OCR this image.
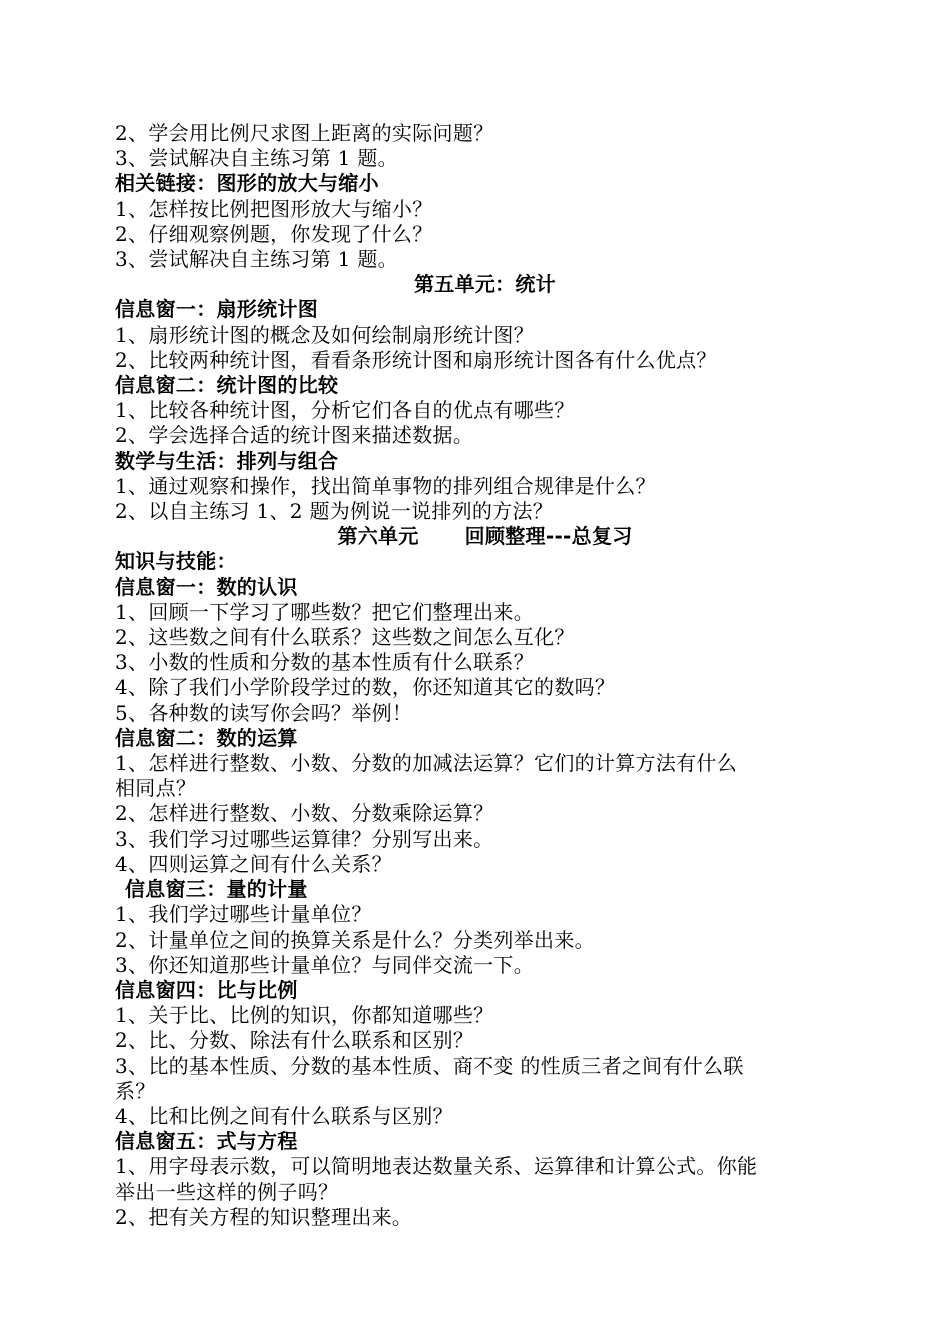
2、学会用比例尺求图上距离的实际问题？
3、尝试解决自主练习第 1 题。
相关链接：图形的放大与缩小
1、怎样按比例把图形放大与缩小？
2、仔细观察例题，你发现了什么？
3、尝试解决自主练习第 1 题。
第五单元：统计
信息窗一：扇形统计图
1、扇形统计图的概念及如何绘制扇形统计图？
2、比较两种统计图，看看条形统计图和扇形统计图各有什么优点？
信息窗二：统计图的比较
1、比较各种统计图，分析它们各自的优点有哪些？
2、学会选择合适的统计图来描述数据。
数学与生活：排列与组合
1、通过观察和操作，找出简单事物的排列组合规律是什么？
2、以自主练习 1、2 题为例说一说排列的方法？
第六单元 回顾整理---总复习
知识与技能：
信息窗一：数的认识
1、回顾一下学习了哪些数？把它们整理出来。
2、这些数之间有什么联系？这些数之间怎么互化？
3、小数的性质和分数的基本性质有什么联系？
4、除了我们小学阶段学过的数，你还知道其它的数吗？
5、各种数的读写你会吗？举例！
信息窗二：数的运算
1、怎样进行整数、小数、分数的加减法运算？它们的计算方法有什么
相同点？
2、怎样进行整数、小数、分数乘除运算？
3、我们学习过哪些运算律？分别写出来。
4、四则运算之间有什么关系？
信息窗三：量的计量
1、我们学过哪些计量单位？
2、计量单位之间的换算关系是什么？分类列举出来。
3、你还知道那些计量单位？与同伴交流一下。
信息窗四：比与比例
1、关于比、比例的知识，你都知道哪些？
2、比、分数、除法有什么联系和区别？
3、比的基本性质、分数的基本性质、商不变 的性质三者之间有什么联
系？
4、比和比例之间有什么联系与区别？
信息窗五：式与方程
1、用字母表示数，可以简明地表达数量关系、运算律和计算公式。你能
举出一些这样的例子吗？
2、把有关方程的知识整理出来。
